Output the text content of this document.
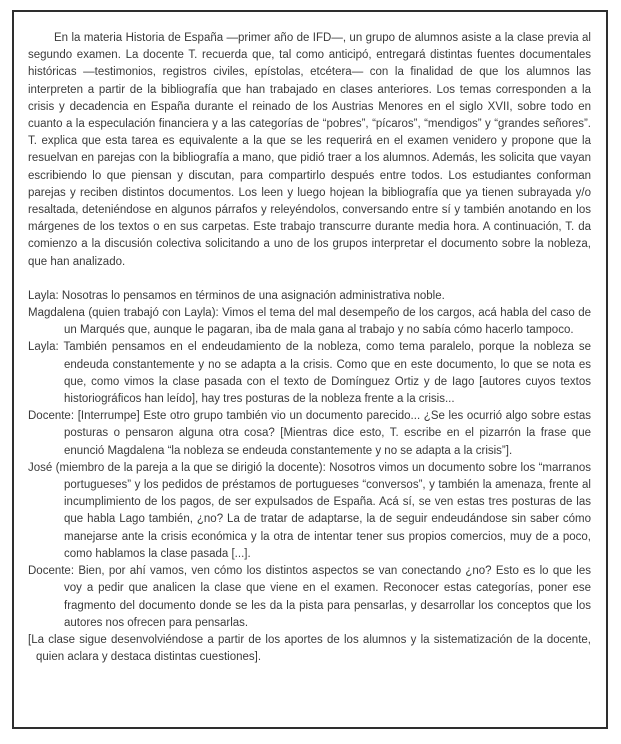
En la materia Historia de España —primer año de IFD—, un grupo de alumnos asiste a la clase previa al segundo examen. La docente T. recuerda que, tal como anticipó, entregará distintas fuentes documentales históricas —testimonios, registros civiles, epístolas, etcétera— con la finalidad de que los alumnos las interpreten a partir de la bibliografía que han trabajado en clases anteriores. Los temas corresponden a la crisis y decadencia en España durante el reinado de los Austrias Menores en el siglo XVII, sobre todo en cuanto a la especulación financiera y a las categorías de “pobres”, “pícaros”, “mendigos” y “grandes señores”. T. explica que esta tarea es equivalente a la que se les requerirá en el examen venidero y propone que la resuelvan en parejas con la bibliografía a mano, que pidió traer a los alumnos. Además, les solicita que vayan escribiendo lo que piensan y discutan, para compartirlo después entre todos. Los estudiantes conforman parejas y reciben distintos documentos. Los leen y luego hojean la bibliografía que ya tienen subrayada y/o resaltada, deteniéndose en algunos párrafos y releyéndolos, conversando entre sí y también anotando en los márgenes de los textos o en sus carpetas. Este trabajo transcurre durante media hora. A continuación, T. da comienzo a la discusión colectiva solicitando a uno de los grupos interpretar el documento sobre la nobleza, que han analizado.

Layla: Nosotras lo pensamos en términos de una asignación administrativa noble.

Magdalena (quien trabajó con Layla): Vimos el tema del mal desempeño de los cargos, acá habla del caso de un Marqués que, aunque le pagaran, iba de mala gana al trabajo y no sabía cómo hacerlo tampoco.

Layla: También pensamos en el endeudamiento de la nobleza, como tema paralelo, porque la nobleza se endeuda constantemente y no se adapta a la crisis. Como que en este documento, lo que se nota es que, como vimos la clase pasada con el texto de Domínguez Ortiz y de Iago [autores cuyos textos historiográficos han leído], hay tres posturas de la nobleza frente a la crisis...

Docente: [Interrumpe] Este otro grupo también vio un documento parecido... ¿Se les ocurrió algo sobre estas posturas o pensaron alguna otra cosa? [Mientras dice esto, T. escribe en el pizarrón la frase que enunció Magdalena “la nobleza se endeuda constantemente y no se adapta a la crisis”].

José (miembro de la pareja a la que se dirigió la docente): Nosotros vimos un documento sobre los “marranos portugueses” y los pedidos de préstamos de portugueses “conversos”, y también la amenaza, frente al incumplimiento de los pagos, de ser expulsados de España. Acá sí, se ven estas tres posturas de las que habla Lago también, ¿no? La de tratar de adaptarse, la de seguir endeudándose sin saber cómo manejarse ante la crisis económica y la otra de intentar tener sus propios comercios, muy de a poco, como hablamos la clase pasada [...].

Docente: Bien, por ahí vamos, ven cómo los distintos aspectos se van conectando ¿no? Esto es lo que les voy a pedir que analicen la clase que viene en el examen. Reconocer estas categorías, poner ese fragmento del documento donde se les da la pista para pensarlas, y desarrollar los conceptos que los autores nos ofrecen para pensarlas.

[La clase sigue desenvolviéndose a partir de los aportes de los alumnos y la sistematización de la docente, quien aclara y destaca distintas cuestiones].
